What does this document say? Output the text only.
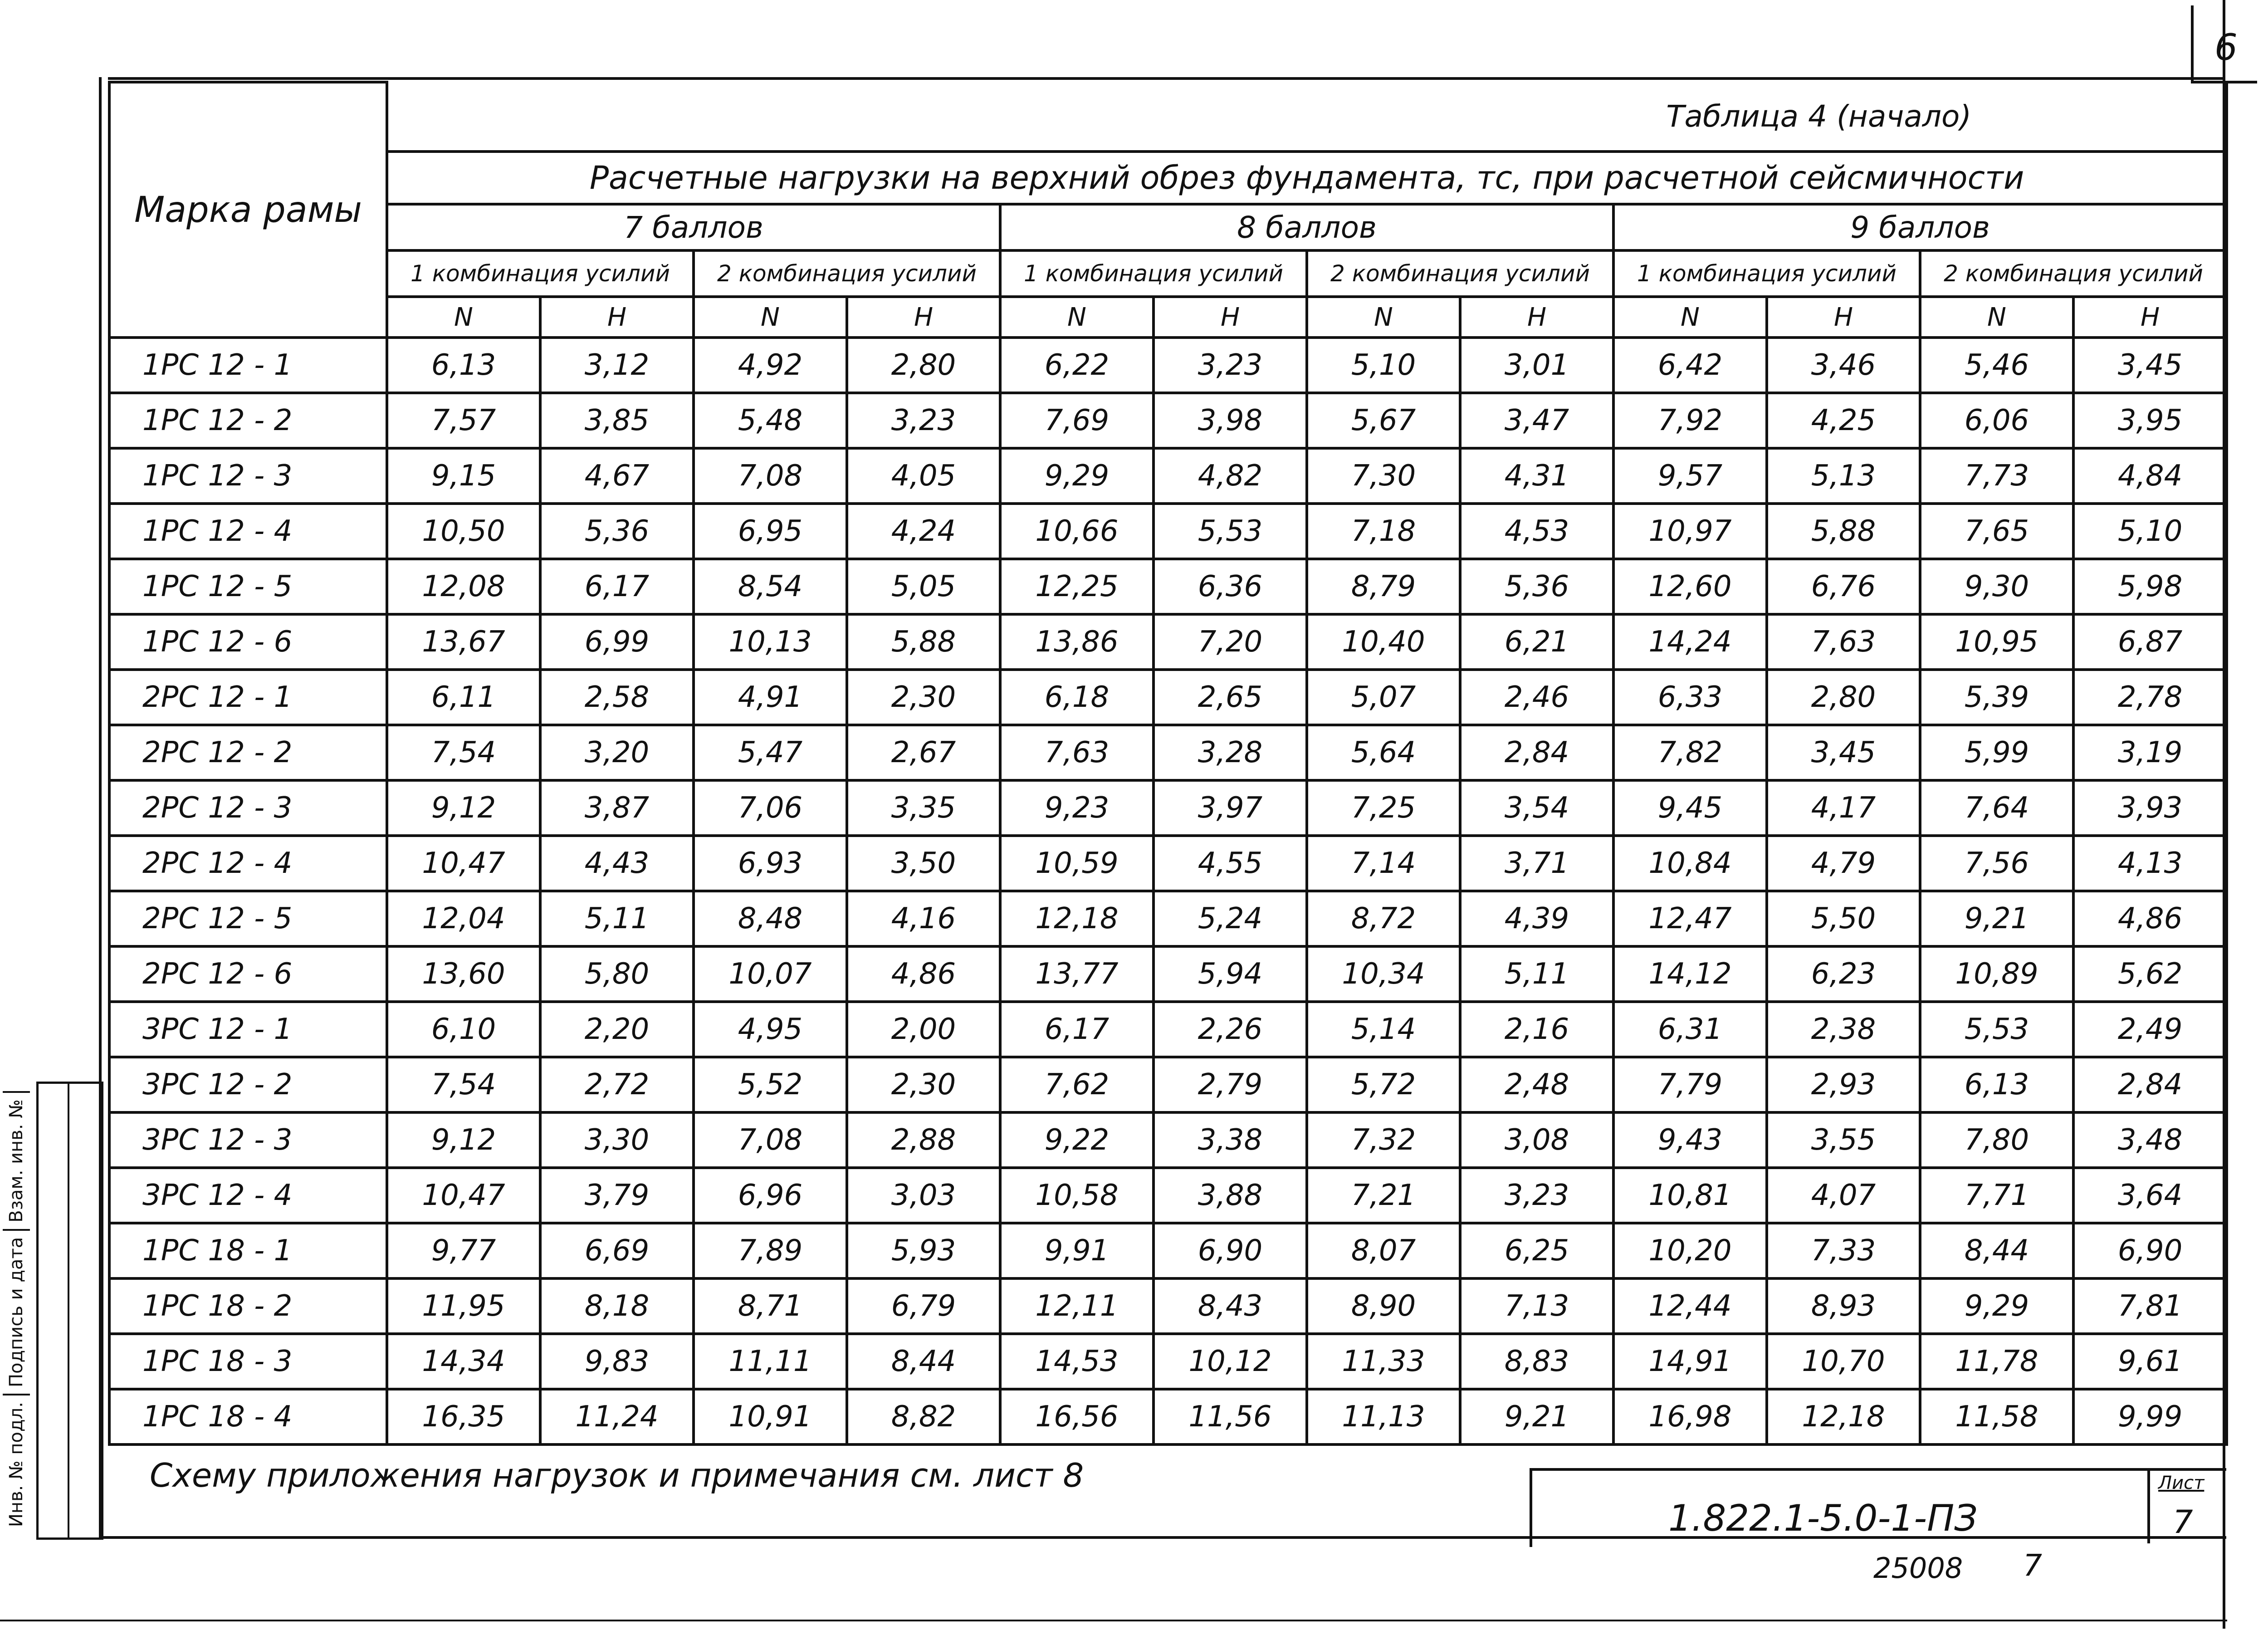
6
Марка рамы	Таблица 4 (начало)											
	Расчетные нагрузки на верхний обрез фундамента, тс, при расчетной сейсмичности											
	7 баллов				8 баллов				9 баллов			
	1 комбинация усилий		2 комбинация усилий		1 комбинация усилий		2 комбинация усилий		1 комбинация усилий		2 комбинация усилий	
	N	H	N	H	N	H	N	H	N	H	N	H
1РС 12 - 1	6,13	3,12	4,92	2,80	6,22	3,23	5,10	3,01	6,42	3,46	5,46	3,45
1РС 12 - 2	7,57	3,85	5,48	3,23	7,69	3,98	5,67	3,47	7,92	4,25	6,06	3,95
1РС 12 - 3	9,15	4,67	7,08	4,05	9,29	4,82	7,30	4,31	9,57	5,13	7,73	4,84
1РС 12 - 4	10,50	5,36	6,95	4,24	10,66	5,53	7,18	4,53	10,97	5,88	7,65	5,10
1РС 12 - 5	12,08	6,17	8,54	5,05	12,25	6,36	8,79	5,36	12,60	6,76	9,30	5,98
1РС 12 - 6	13,67	6,99	10,13	5,88	13,86	7,20	10,40	6,21	14,24	7,63	10,95	6,87
2РС 12 - 1	6,11	2,58	4,91	2,30	6,18	2,65	5,07	2,46	6,33	2,80	5,39	2,78
2РС 12 - 2	7,54	3,20	5,47	2,67	7,63	3,28	5,64	2,84	7,82	3,45	5,99	3,19
2РС 12 - 3	9,12	3,87	7,06	3,35	9,23	3,97	7,25	3,54	9,45	4,17	7,64	3,93
2РС 12 - 4	10,47	4,43	6,93	3,50	10,59	4,55	7,14	3,71	10,84	4,79	7,56	4,13
2РС 12 - 5	12,04	5,11	8,48	4,16	12,18	5,24	8,72	4,39	12,47	5,50	9,21	4,86
2РС 12 - 6	13,60	5,80	10,07	4,86	13,77	5,94	10,34	5,11	14,12	6,23	10,89	5,62
3РС 12 - 1	6,10	2,20	4,95	2,00	6,17	2,26	5,14	2,16	6,31	2,38	5,53	2,49
3РС 12 - 2	7,54	2,72	5,52	2,30	7,62	2,79	5,72	2,48	7,79	2,93	6,13	2,84
3РС 12 - 3	9,12	3,30	7,08	2,88	9,22	3,38	7,32	3,08	9,43	3,55	7,80	3,48
3РС 12 - 4	10,47	3,79	6,96	3,03	10,58	3,88	7,21	3,23	10,81	4,07	7,71	3,64
1РС 18 - 1	9,77	6,69	7,89	5,93	9,91	6,90	8,07	6,25	10,20	7,33	8,44	6,90
1РС 18 - 2	11,95	8,18	8,71	6,79	12,11	8,43	8,90	7,13	12,44	8,93	9,29	7,81
1РС 18 - 3	14,34	9,83	11,11	8,44	14,53	10,12	11,33	8,83	14,91	10,70	11,78	9,61
1РС 18 - 4	16,35	11,24	10,91	8,82	16,56	11,56	11,13	9,21	16,98	12,18	11,58	9,99
Схему приложения нагрузок и примечания см. лист 8
1.822.1-5.0-1-ПЗ
Лист
7
25008 7
Инв. № подл.
Подпись и дата
Взам. инв. №
